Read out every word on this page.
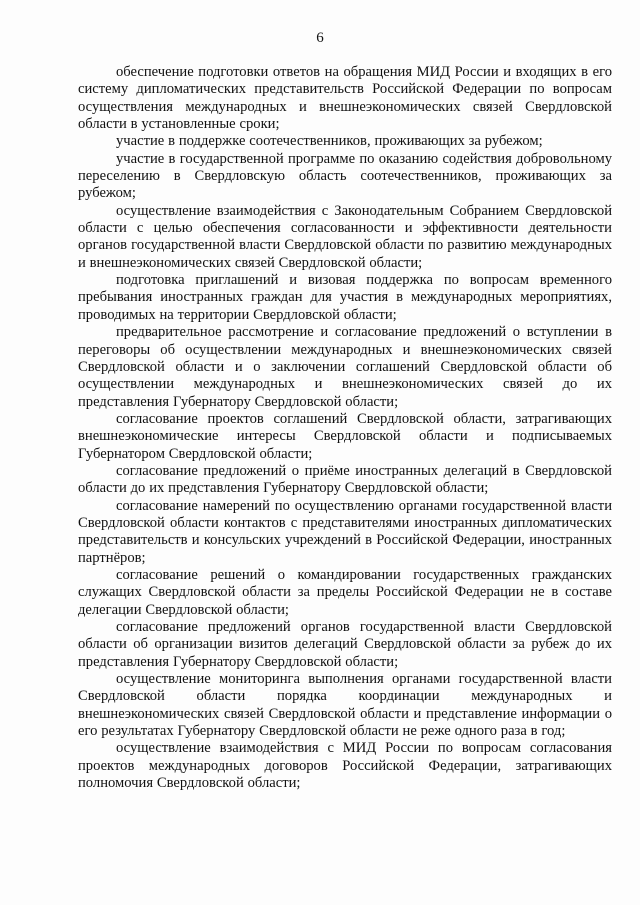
6

обеспечение подготовки ответов на обращения МИД России и входящих в его систему дипломатических представительств Российской Федерации по вопросам осуществления международных и внешнеэкономических связей Свердловской области в установленные сроки;

участие в поддержке соотечественников, проживающих за рубежом;

участие в государственной программе по оказанию содействия добровольному переселению в Свердловскую область соотечественников, проживающих за рубежом;

осуществление взаимодействия с Законодательным Собранием Свердловской области с целью обеспечения согласованности и эффективности деятельности органов государственной власти Свердловской области по развитию международных и внешнеэкономических связей Свердловской области;

подготовка приглашений и визовая поддержка по вопросам временного пребывания иностранных граждан для участия в международных мероприятиях, проводимых на территории Свердловской области;

предварительное рассмотрение и согласование предложений о вступлении в переговоры об осуществлении международных и внешнеэкономических связей Свердловской области и о заключении соглашений Свердловской области об осуществлении международных и внешнеэкономических связей до их представления Губернатору Свердловской области;

согласование проектов соглашений Свердловской области, затрагивающих внешнеэкономические интересы Свердловской области и подписываемых Губернатором Свердловской области;

согласование предложений о приёме иностранных делегаций в Свердловской области до их представления Губернатору Свердловской области;

согласование намерений по осуществлению органами государственной власти Свердловской области контактов с представителями иностранных дипломатических представительств и консульских учреждений в Российской Федерации, иностранных партнёров;

согласование решений о командировании государственных гражданских служащих Свердловской области за пределы Российской Федерации не в составе делегации Свердловской области;

согласование предложений органов государственной власти Свердловской области об организации визитов делегаций Свердловской области за рубеж до их представления Губернатору Свердловской области;

осуществление мониторинга выполнения органами государственной власти Свердловской области порядка координации международных и внешнеэкономических связей Свердловской области и представление информации о его результатах Губернатору Свердловской области не реже одного раза в год;

осуществление взаимодействия с МИД России по вопросам согласования проектов международных договоров Российской Федерации, затрагивающих полномочия Свердловской области;
